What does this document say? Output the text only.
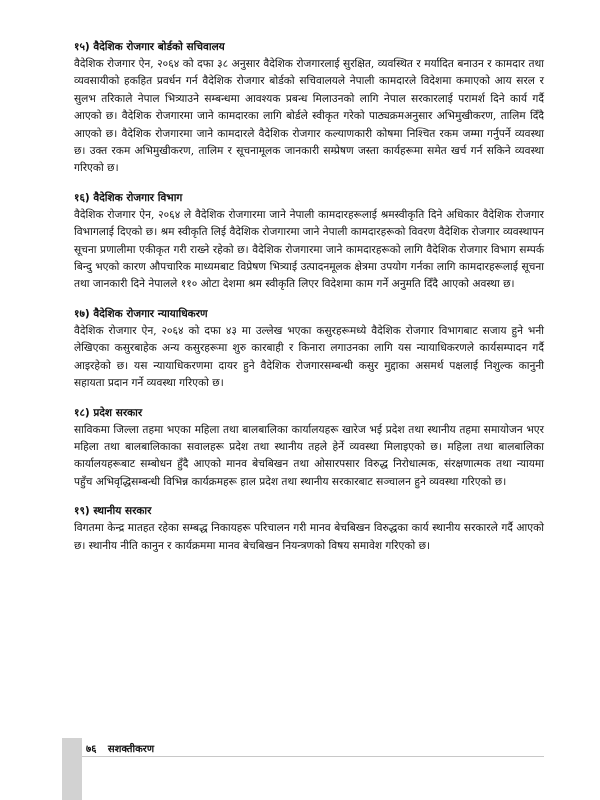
१५) वैदेशिक रोजगार बोर्डको सचिवालय

वैदेशिक रोजगार ऐन, २०६४ को दफा ३८ अनुसार वैदेशिक रोजगारलाई सुरक्षित, व्यवस्थित र मर्यादित बनाउन र कामदार तथा व्यवसायीको हकहित प्रवर्धन गर्न वैदेशिक रोजगार बोर्डको सचिवालयले नेपाली कामदारले विदेशमा कमाएको आय सरल र सुलभ तरिकाले नेपाल भित्र्याउने सम्बन्धमा आवश्यक प्रबन्ध मिलाउनको लागि नेपाल सरकारलाई परामर्श दिने कार्य गर्दै आएको छ। वैदेशिक रोजगारमा जाने कामदारका लागि बोर्डले स्वीकृत गरेको पाठ्यक्रमअनुसार अभिमुखीकरण, तालिम दिँदै आएको छ। वैदेशिक रोजगारमा जाने कामदारले वैदेशिक रोजगार कल्याणकारी कोषमा निश्चित रकम जम्मा गर्नुपर्ने व्यवस्था छ। उक्त रकम अभिमुखीकरण, तालिम र सूचनामूलक जानकारी सम्प्रेषण जस्ता कार्यहरूमा समेत खर्च गर्न सकिने व्यवस्था गरिएको छ।

१६) वैदेशिक रोजगार विभाग

वैदेशिक रोजगार ऐन, २०६४ ले वैदेशिक रोजगारमा जाने नेपाली कामदारहरूलाई श्रमस्वीकृति दिने अधिकार वैदेशिक रोजगार विभागलाई दिएको छ। श्रम स्वीकृति लिई वैदेशिक रोजगारमा जाने नेपाली कामदारहरूको विवरण वैदेशिक रोजगार व्यवस्थापन सूचना प्रणालीमा एकीकृत गरी राख्ने रहेको छ। वैदेशिक रोजगारमा जाने कामदारहरूको लागि वैदेशिक रोजगार विभाग सम्पर्क बिन्दु भएको कारण औपचारिक माध्यमबाट विप्रेषण भित्र्याई उत्पादनमूलक क्षेत्रमा उपयोग गर्नका लागि कामदारहरूलाई सूचना तथा जानकारी दिने नेपालले ११० ओटा देशमा श्रम स्वीकृति लिएर विदेशमा काम गर्ने अनुमति दिँदै आएको अवस्था छ।

१७) वैदेशिक रोजगार न्यायाधिकरण

वैदेशिक रोजगार ऐन, २०६४ को दफा ४३ मा उल्लेख भएका कसुरहरूमध्ये वैदेशिक रोजगार विभागबाट सजाय हुने भनी लेखिएका कसुरबाहेक अन्य कसुरहरूमा शुरु कारबाही र किनारा लगाउनका लागि यस न्यायाधिकरणले कार्यसम्पादन गर्दै आइरहेको छ। यस न्यायाधिकरणमा दायर हुने वैदेशिक रोजगारसम्बन्धी कसुर मुद्दाका असमर्थ पक्षलाई निशुल्क कानुनी सहायता प्रदान गर्ने व्यवस्था गरिएको छ।

१८) प्रदेश सरकार

साविकमा जिल्ला तहमा भएका महिला तथा बालबालिका कार्यालयहरू खारेज भई प्रदेश तथा स्थानीय तहमा समायोजन भएर महिला तथा बालबालिकाका सवालहरू प्रदेश तथा स्थानीय तहले हेर्ने व्यवस्था मिलाइएको छ। महिला तथा बालबालिका कार्यालयहरूबाट सम्बोधन हुँदै आएको मानव बेचबिखन तथा ओसारपसार विरुद्ध निरोधात्मक, संरक्षणात्मक तथा न्यायमा पहुँच अभिवृद्धिसम्बन्धी विभिन्न कार्यक्रमहरू हाल प्रदेश तथा स्थानीय सरकारबाट सञ्चालन हुने व्यवस्था गरिएको छ।

१९) स्थानीय सरकार

विगतमा केन्द्र मातहत रहेका सम्बद्ध निकायहरू परिचालन गरी मानव बेचबिखन विरुद्धका कार्य स्थानीय सरकारले गर्दै आएको छ। स्थानीय नीति कानुन र कार्यक्रममा मानव बेचबिखन नियन्त्रणको विषय समावेश गरिएको छ।

७६ सशक्तीकरण
